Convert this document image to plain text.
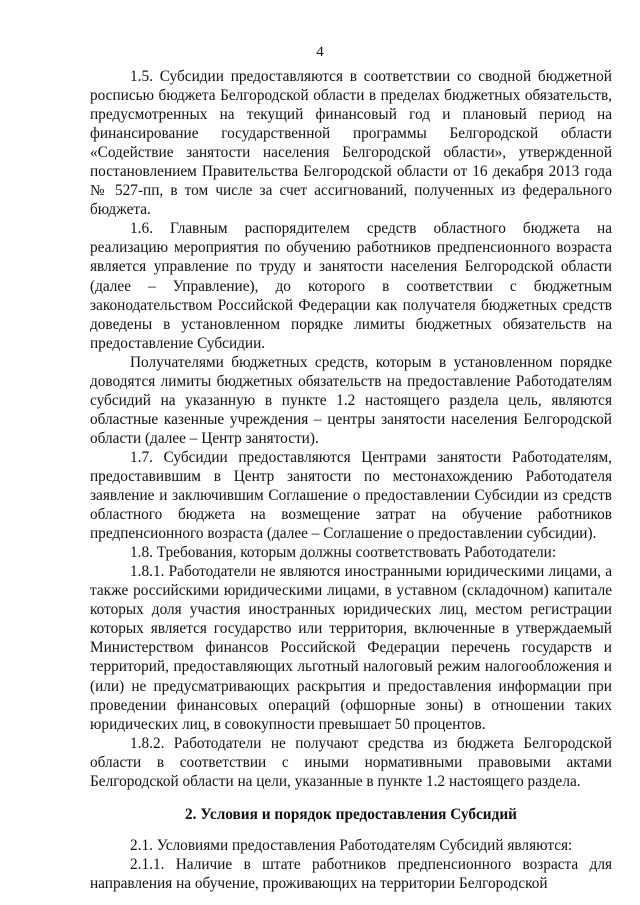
4

1.5. Субсидии предоставляются в соответствии со сводной бюджетной росписью бюджета Белгородской области в пределах бюджетных обязательств, предусмотренных на текущий финансовый год и плановый период на финансирование государственной программы Белгородской области «Содействие занятости населения Белгородской области», утвержденной постановлением Правительства Белгородской области от 16 декабря 2013 года № 527-пп, в том числе за счет ассигнований, полученных из федерального бюджета.

1.6. Главным распорядителем средств областного бюджета на реализацию мероприятия по обучению работников предпенсионного возраста является управление по труду и занятости населения Белгородской области (далее – Управление), до которого в соответствии с бюджетным законодательством Российской Федерации как получателя бюджетных средств доведены в установленном порядке лимиты бюджетных обязательств на предоставление Субсидии.

Получателями бюджетных средств, которым в установленном порядке доводятся лимиты бюджетных обязательств на предоставление Работодателям субсидий на указанную в пункте 1.2 настоящего раздела цель, являются областные казенные учреждения – центры занятости населения Белгородской области (далее – Центр занятости).

1.7. Субсидии предоставляются Центрами занятости Работодателям, предоставившим в Центр занятости по местонахождению Работодателя заявление и заключившим Соглашение о предоставлении Субсидии из средств областного бюджета на возмещение затрат на обучение работников предпенсионного возраста (далее – Соглашение о предоставлении субсидии).

1.8. Требования, которым должны соответствовать Работодатели:

1.8.1. Работодатели не являются иностранными юридическими лицами, а также российскими юридическими лицами, в уставном (складочном) капитале которых доля участия иностранных юридических лиц, местом регистрации которых является государство или территория, включенные в утверждаемый Министерством финансов Российской Федерации перечень государств и территорий, предоставляющих льготный налоговый режим налогообложения и (или) не предусматривающих раскрытия и предоставления информации при проведении финансовых операций (офшорные зоны) в отношении таких юридических лиц, в совокупности превышает 50 процентов.

1.8.2. Работодатели не получают средства из бюджета Белгородской области в соответствии с иными нормативными правовыми актами Белгородской области на цели, указанные в пункте 1.2 настоящего раздела.

2. Условия и порядок предоставления Субсидий

2.1. Условиями предоставления Работодателям Субсидий являются:

2.1.1. Наличие в штате работников предпенсионного возраста для направления на обучение, проживающих на территории Белгородской
